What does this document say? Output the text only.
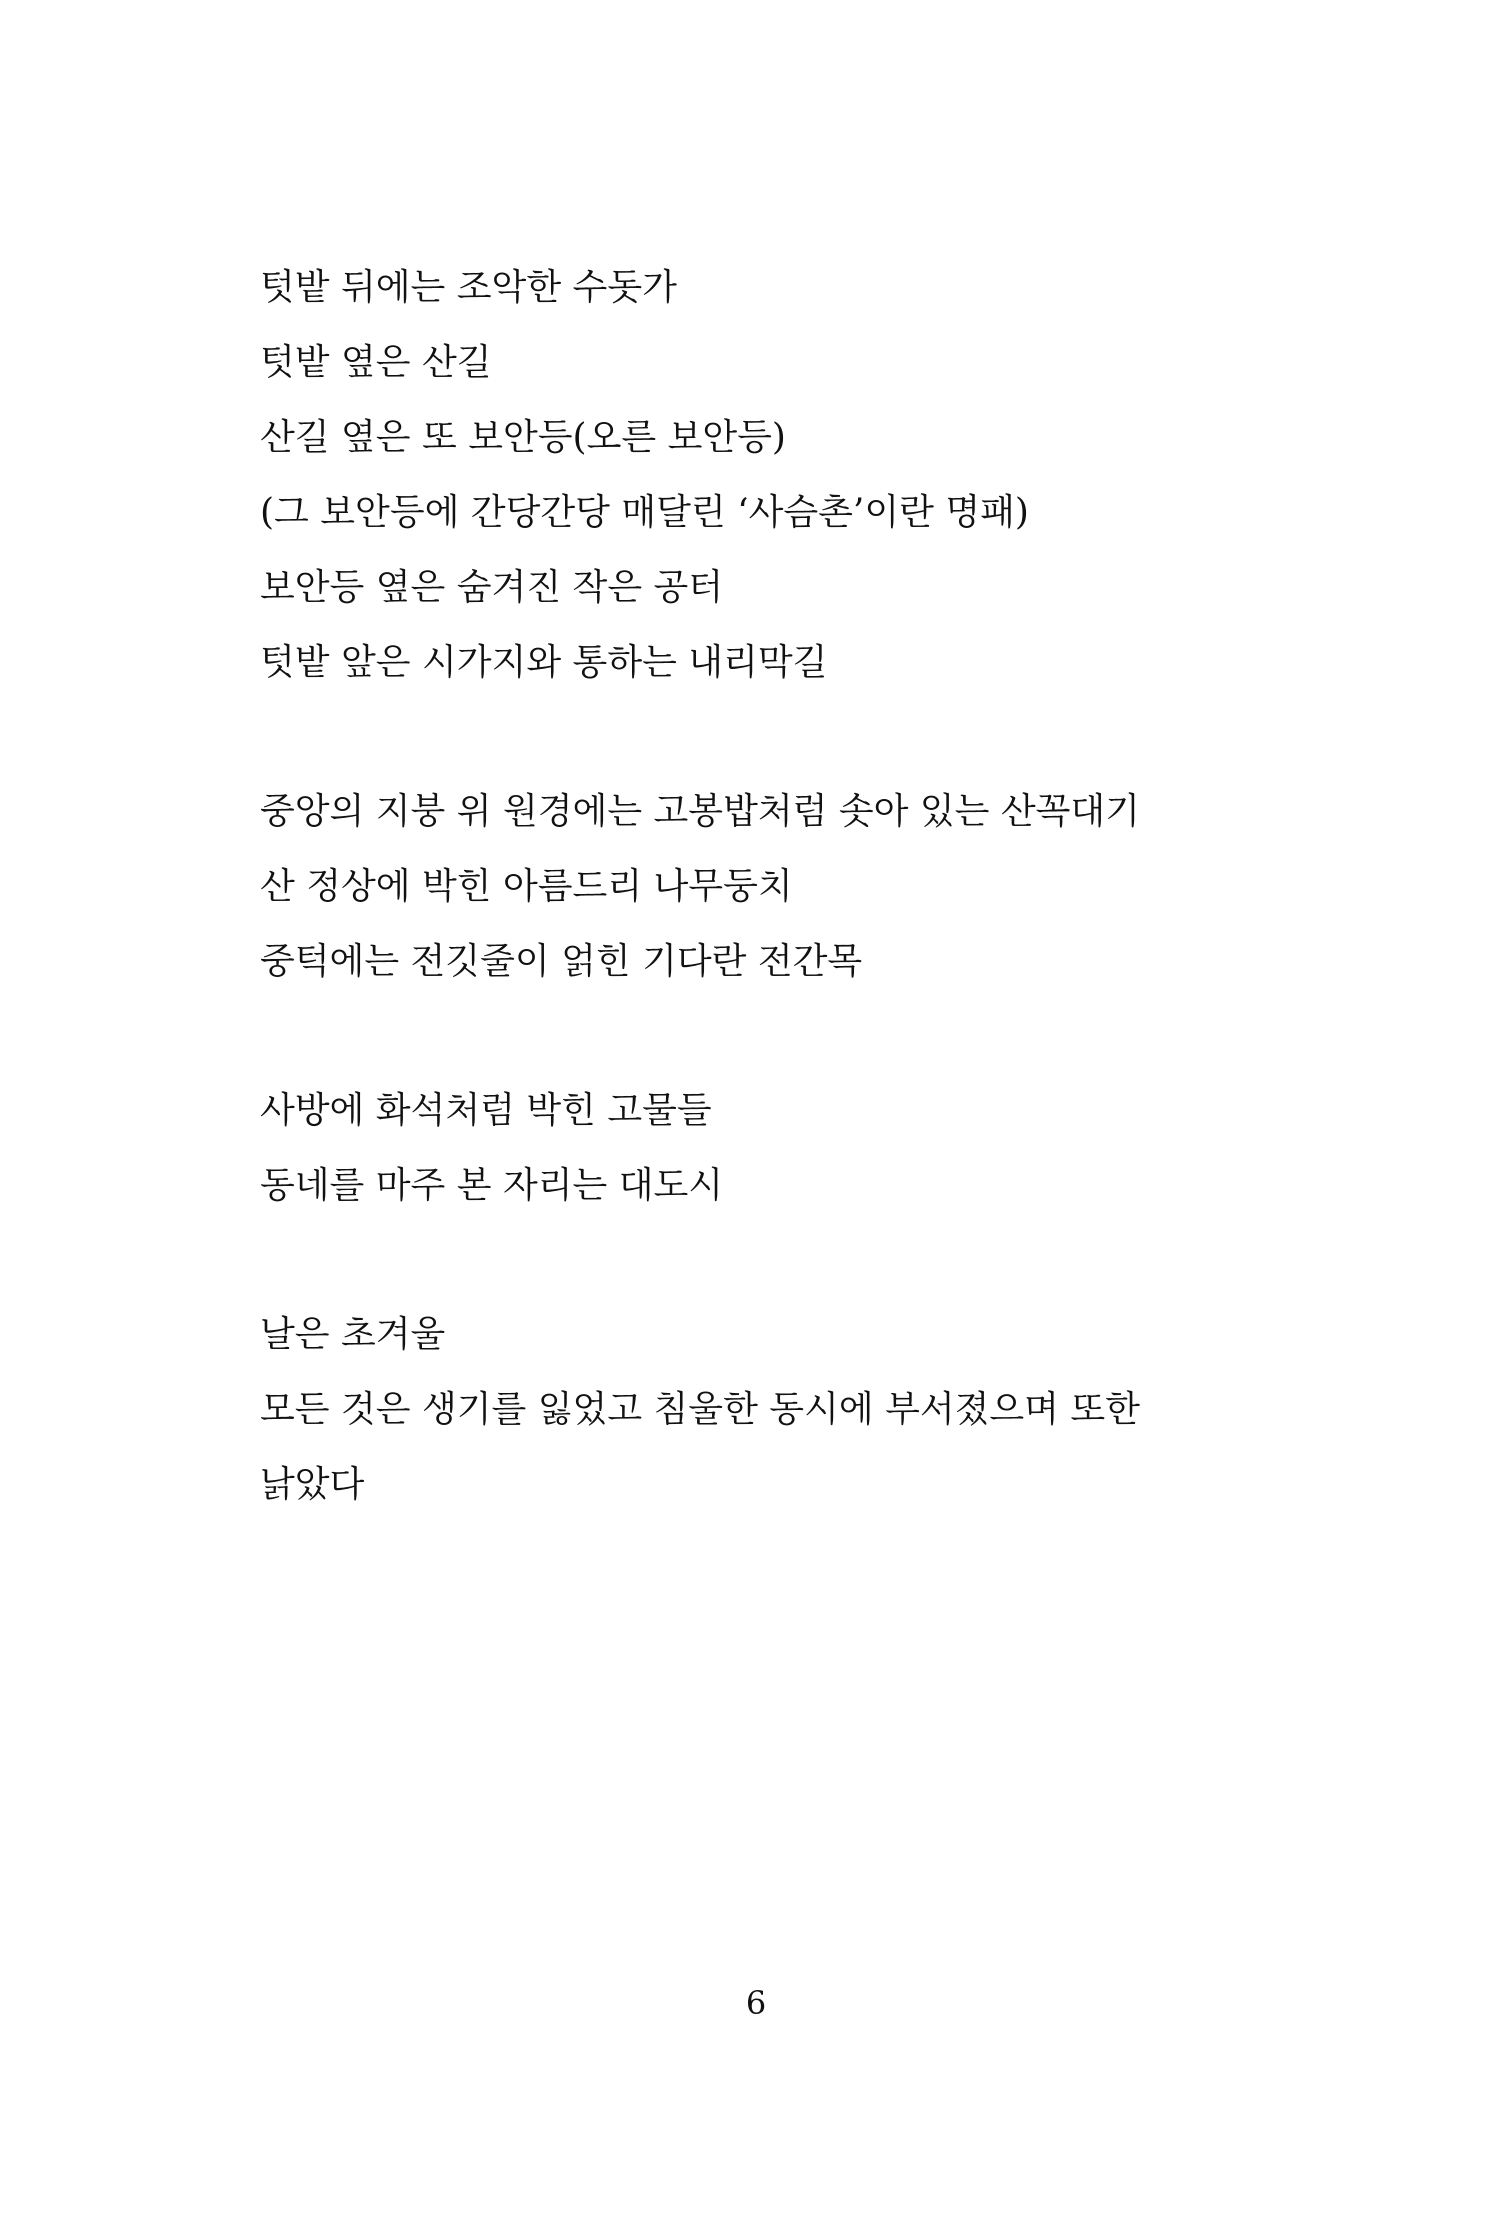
텃밭 뒤에는 조악한 수돗가
텃밭 옆은 산길
산길 옆은 또 보안등(오른 보안등)
(그 보안등에 간당간당 매달린 ‘사슴촌’이란 명패)
보안등 옆은 숨겨진 작은 공터
텃밭 앞은 시가지와 통하는 내리막길
중앙의 지붕 위 원경에는 고봉밥처럼 솟아 있는 산꼭대기
산 정상에 박힌 아름드리 나무둥치
중턱에는 전깃줄이 얽힌 기다란 전간목
사방에 화석처럼 박힌 고물들
동네를 마주 본 자리는 대도시
날은 초겨울
모든 것은 생기를 잃었고 침울한 동시에 부서졌으며 또한
낡았다
6
